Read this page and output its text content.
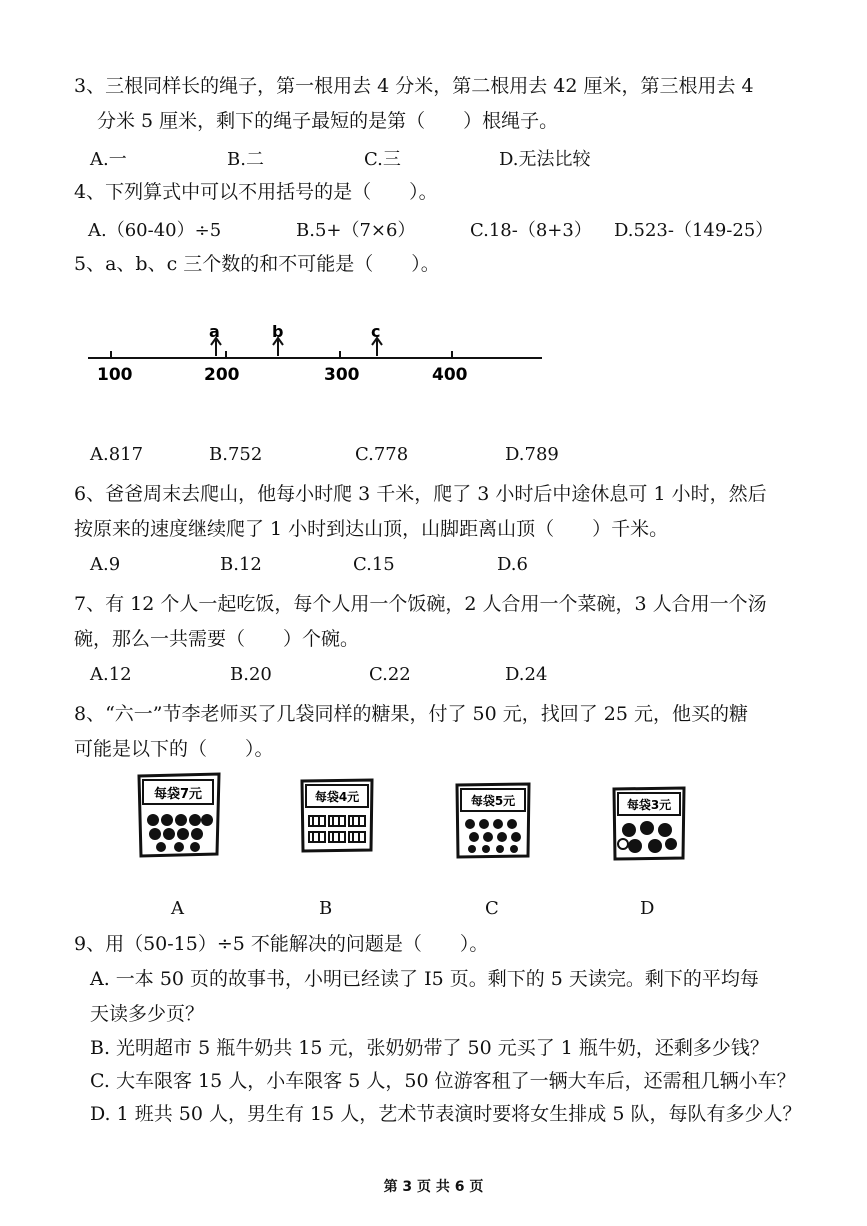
3、三根同样长的绳子，第一根用去 4 分米，第二根用去 42 厘米，第三根用去 4
分米 5 厘米，剩下的绳子最短的是第（　　）根绳子。
A.一	B.二	C.三	D.无法比较
4、下列算式中可以不用括号的是（　　）。
A.（60-40）÷5	B.5+（7×6）	C.18-（8+3） D.523-（149-25）
5、a、b、c 三个数的和不可能是（　　）。
100	200	300	400
a	b	c
A.817	B.752	C.778	D.789
6、爸爸周末去爬山，他每小时爬 3 千米，爬了 3 小时后中途休息可 1 小时，然后
按原来的速度继续爬了 1 小时到达山顶，山脚距离山顶（　　）千米。
A.9	B.12	C.15	D.6
7、有 12 个人一起吃饭，每个人用一个饭碗，2 人合用一个菜碗，3 人合用一个汤
碗，那么一共需要（　　）个碗。
A.12	B.20	C.22	D.24
8、“六一”节李老师买了几袋同样的糖果，付了 50 元，找回了 25 元，他买的糖
可能是以下的（　　）。
每袋7元	每袋4元	每袋5元	每袋3元
A	B	C	D
9、用（50-15）÷5 不能解决的问题是（　　）。
A. 一本 50 页的故事书，小明已经读了 I5 页。剩下的 5 天读完。剩下的平均每
天读多少页？
B. 光明超市 5 瓶牛奶共 15 元，张奶奶带了 50 元买了 1 瓶牛奶，还剩多少钱？
C. 大车限客 15 人，小车限客 5 人，50 位游客租了一辆大车后，还需租几辆小车？
D. 1 班共 50 人，男生有 15 人，艺术节表演时要将女生排成 5 队，每队有多少人？
第 3 页 共 6 页
